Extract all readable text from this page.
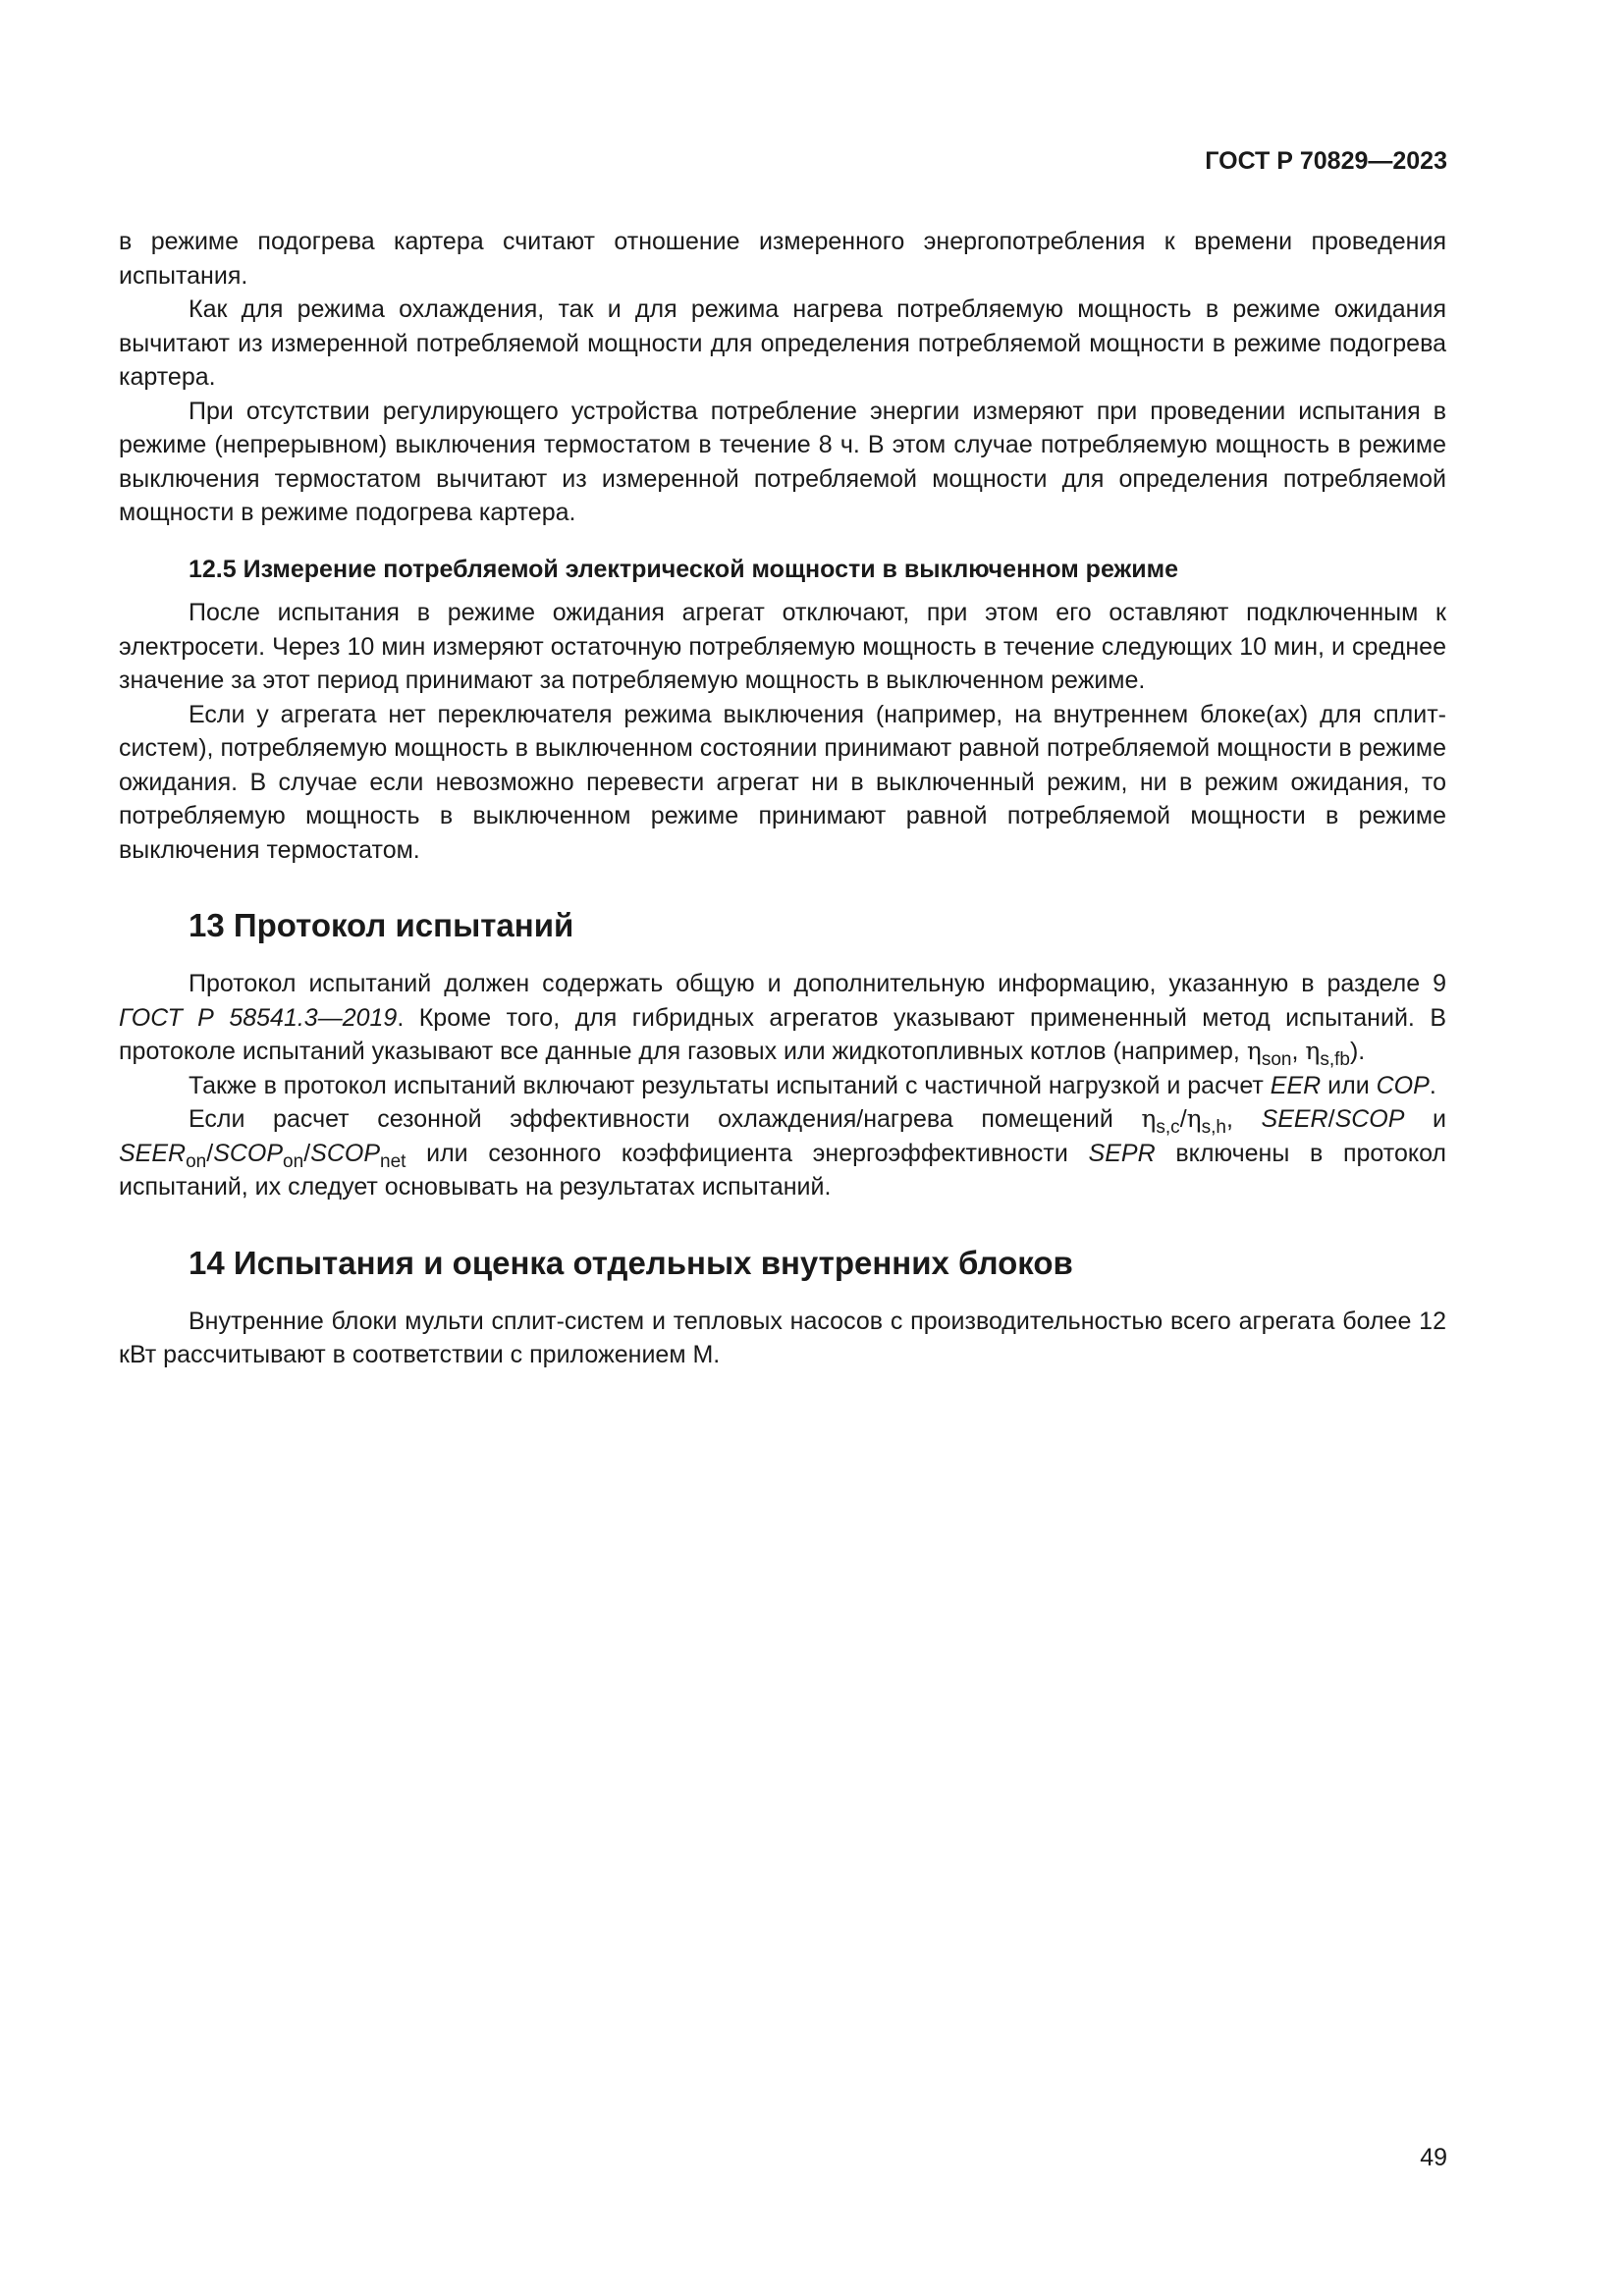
ГОСТ Р 70829—2023

в режиме подогрева картера считают отношение измеренного энергопотребления к времени проведения испытания.

Как для режима охлаждения, так и для режима нагрева потребляемую мощность в режиме ожидания вычитают из измеренной потребляемой мощности для определения потребляемой мощности в режиме подогрева картера.

При отсутствии регулирующего устройства потребление энергии измеряют при проведении испытания в режиме (непрерывном) выключения термостатом в течение 8 ч. В этом случае потребляемую мощность в режиме выключения термостатом вычитают из измеренной потребляемой мощности для определения потребляемой мощности в режиме подогрева картера.

12.5 Измерение потребляемой электрической мощности в выключенном режиме

После испытания в режиме ожидания агрегат отключают, при этом его оставляют подключенным к электросети. Через 10 мин измеряют остаточную потребляемую мощность в течение следующих 10 мин, и среднее значение за этот период принимают за потребляемую мощность в выключенном режиме.

Если у агрегата нет переключателя режима выключения (например, на внутреннем блоке(ах) для сплит-систем), потребляемую мощность в выключенном состоянии принимают равной потребляемой мощности в режиме ожидания. В случае если невозможно перевести агрегат ни в выключенный режим, ни в режим ожидания, то потребляемую мощность в выключенном режиме принимают равной потребляемой мощности в режиме выключения термостатом.

13 Протокол испытаний

Протокол испытаний должен содержать общую и дополнительную информацию, указанную в разделе 9 ГОСТ Р 58541.3—2019. Кроме того, для гибридных агрегатов указывают примененный метод испытаний. В протоколе испытаний указывают все данные для газовых или жидкотопливных котлов (например, $\eta_{son}$, $\eta_{s,fb}$).

Также в протокол испытаний включают результаты испытаний с частичной нагрузкой и расчет EER или COP.

Если расчет сезонной эффективности охлаждения/нагрева помещений $\eta_{s,c}/\eta_{s,h}$, SEER/SCOP и $SEER_{on}/SCOP_{on}/SCOP_{net}$ или сезонного коэффициента энергоэффективности SEPR включены в протокол испытаний, их следует основывать на результатах испытаний.

14 Испытания и оценка отдельных внутренних блоков

Внутренние блоки мульти сплит-систем и тепловых насосов с производительностью всего агрегата более 12 кВт рассчитывают в соответствии с приложением М.

49
